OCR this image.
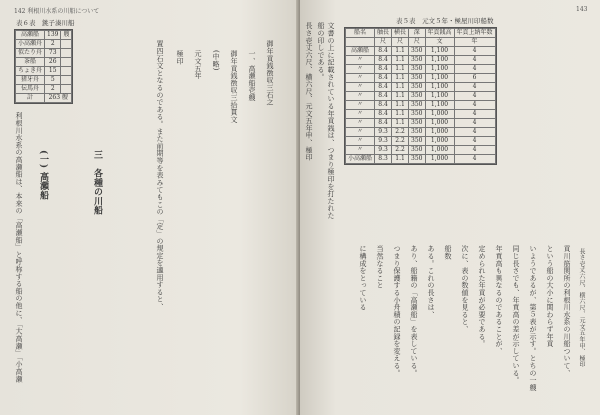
142 利根川水系の川船について
表６表　銚子湊川船
高瀬船	139	艘
小高瀬舟	2	
似たり舟	73	
茶船	26	
ちょき舟	15	
猪牙舟	5	
伝馬舟	2	
計	263 艘	
三　各種の川船
(一) 高瀬船
利根川水系の高瀬船は、本来の「高瀬船」と呼称する船の他に、「大高瀬」「小高瀬
御年貢銭徴収三石之
一、高瀬船壱艘
御年貢銭徴収三拾貫文
(中略)
元文五年
極印
置四石文となるのである。また前期等を表みてもこの「定」の規定を適用すると、
143
表５表　元文５年・極屋川印船数
船名	舳長	横長	深	年貢銭高	年貢上納年数
	尺	尺	尺	文	年
高瀬船	8.4	1.1	350	1,100	4
〃	8.4	1.1	350	1,100	4
〃	8.4	1.1	350	1,100	4
〃	8.4	1.1	350	1,100	6
〃	8.4	1.1	350	1,100	4
〃	8.4	1.1	350	1,100	4
〃	8.4	1.1	350	1,100	4
〃	8.4	1.1	350	1,000	4
〃	8.4	1.1	350	1,000	4
〃	9.3	2.2	350	1,000	4
〃	9.3	2.2	350	1,000	4
〃	9.3	2.2	350	1,000	4
小高瀬船	8.3	1.1	350	1,000	4
文書の上に記載されている年貢銭は、つまり極印を打たれた船の印しである。
長さ壱丈六尺、横六尺、元文五年申、極印
長さ壱丈六尺、横六尺、元文五年申、極印
貢川筋関所の利根川水系の川船ついて、
という船の大小に関わらず年貢
いようであるが、第５表が示す。とちの一艘
同じ長さでも、年貢高の差が示している。
年貢高も異なるのであることが、
定められた年貢が必要である。
次に、表の数値を見ると、
船数
ある。これの長さは、
あり、船籍の「高瀬船」を表している。
つまり保護する小舟積の記録を変える。
当然なること
に構成をとっている
